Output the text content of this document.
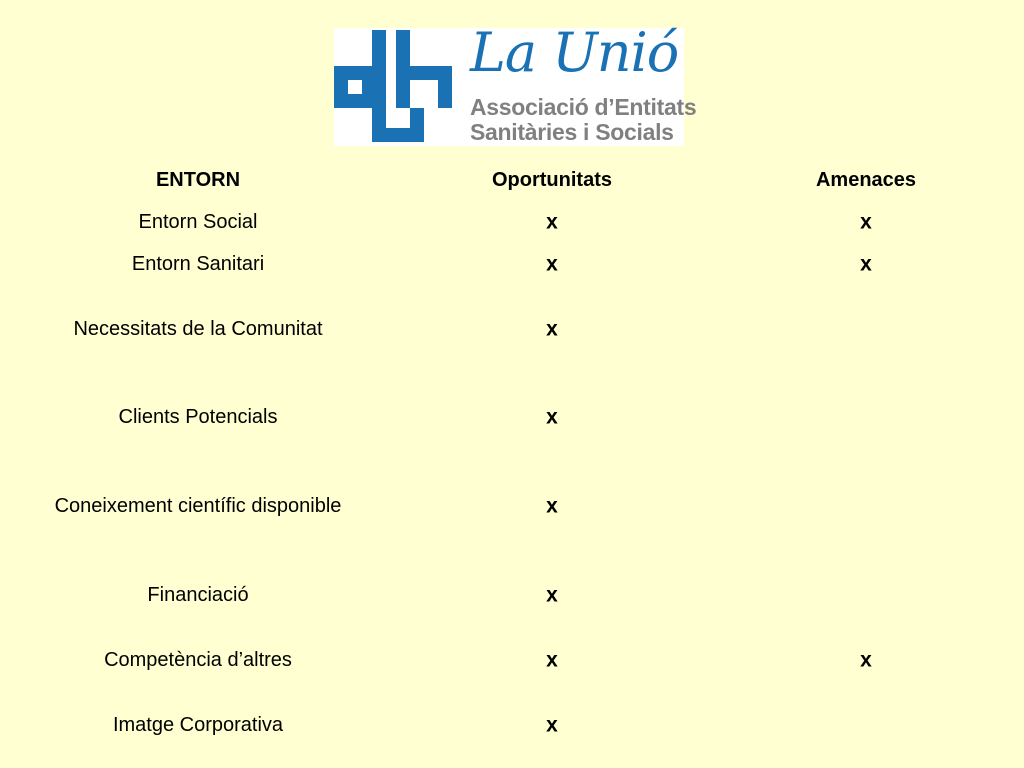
La Unió
Associació d’Entitats
Sanitàries i Socials
ENTORN	Oportunitats	Amenaces
Entorn Social	x	x
Entorn Sanitari	x	x
Necessitats de la Comunitat	x
Clients Potencials	x
Coneixement científic disponible	x
Financiació	x
Competència d’altres	x	x
Imatge Corporativa	x
